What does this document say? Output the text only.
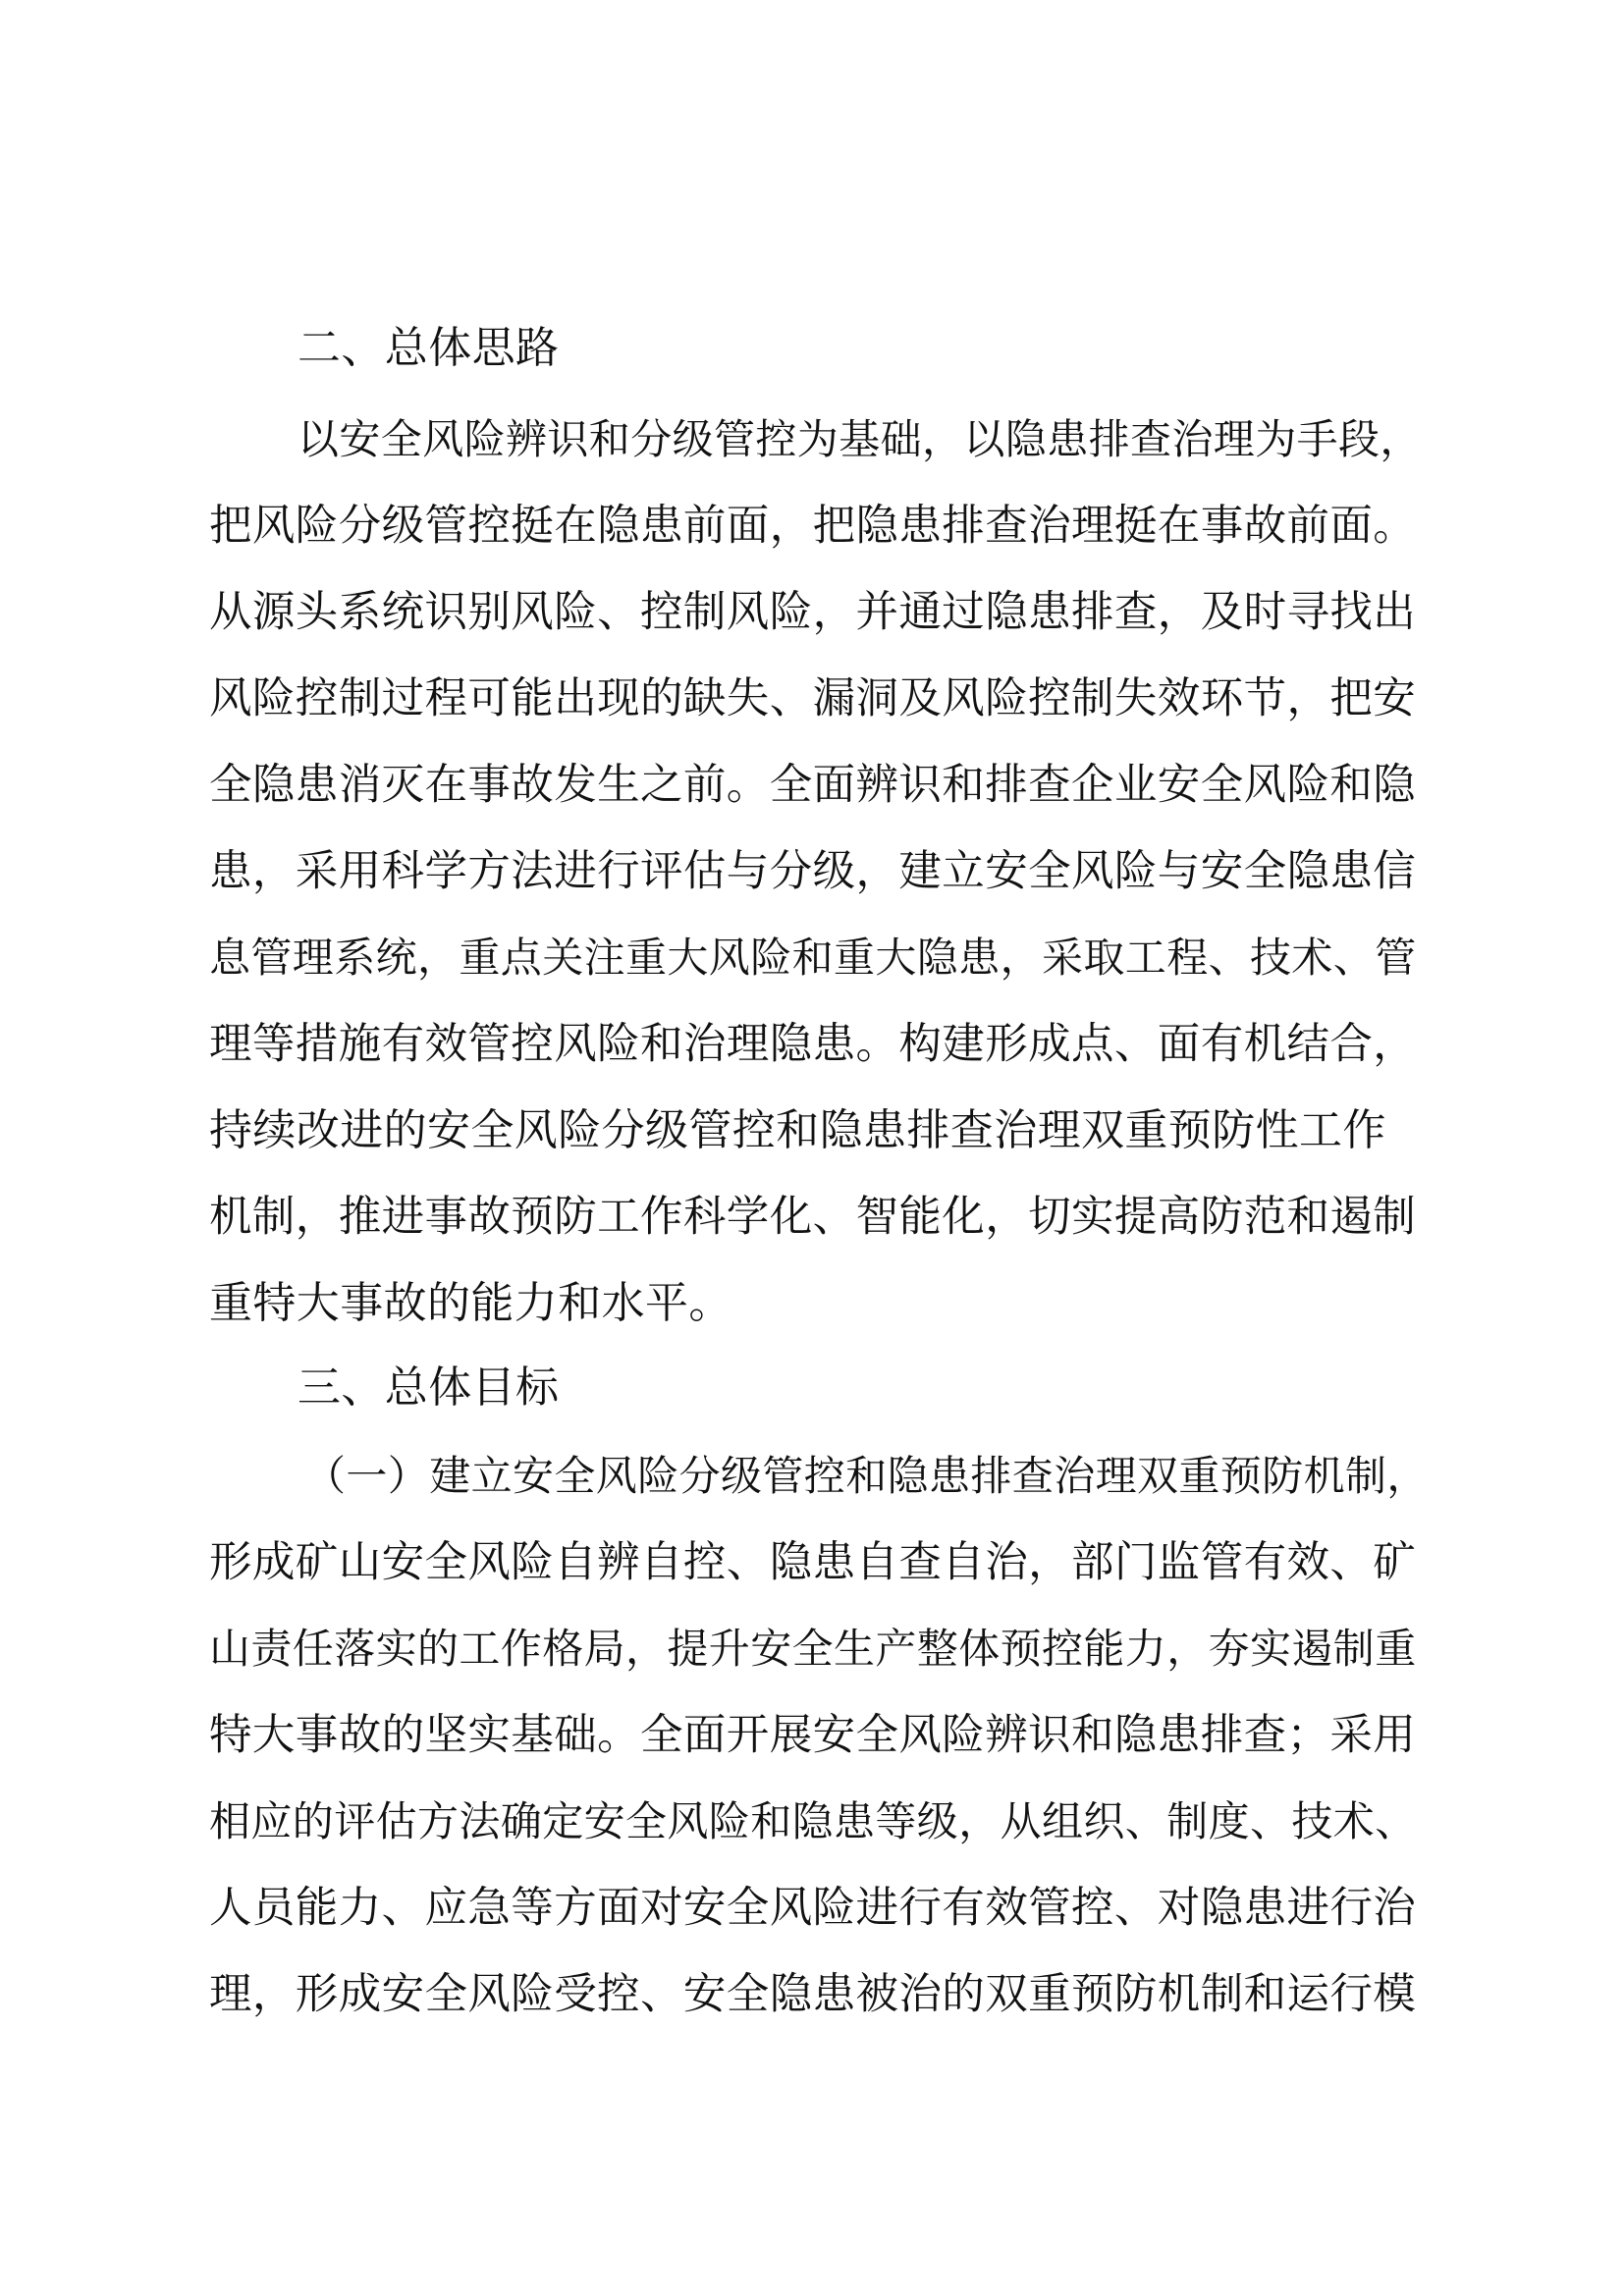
二、总体思路
以安全风险辨识和分级管控为基础，以隐患排查治理为手段，
把风险分级管控挺在隐患前面，把隐患排查治理挺在事故前面。
从源头系统识别风险、控制风险，并通过隐患排查，及时寻找出
风险控制过程可能出现的缺失、漏洞及风险控制失效环节，把安
全隐患消灭在事故发生之前。全面辨识和排查企业安全风险和隐
患，采用科学方法进行评估与分级，建立安全风险与安全隐患信
息管理系统，重点关注重大风险和重大隐患，采取工程、技术、管
理等措施有效管控风险和治理隐患。构建形成点、面有机结合，
持续改进的安全风险分级管控和隐患排查治理双重预防性工作
机制，推进事故预防工作科学化、智能化，切实提高防范和遏制
重特大事故的能力和水平。
三、总体目标
（一）建立安全风险分级管控和隐患排查治理双重预防机制，
形成矿山安全风险自辨自控、隐患自查自治，部门监管有效、矿
山责任落实的工作格局，提升安全生产整体预控能力，夯实遏制重
特大事故的坚实基础。全面开展安全风险辨识和隐患排查；采用
相应的评估方法确定安全风险和隐患等级，从组织、制度、技术、
人员能力、应急等方面对安全风险进行有效管控、对隐患进行治
理，形成安全风险受控、安全隐患被治的双重预防机制和运行模
